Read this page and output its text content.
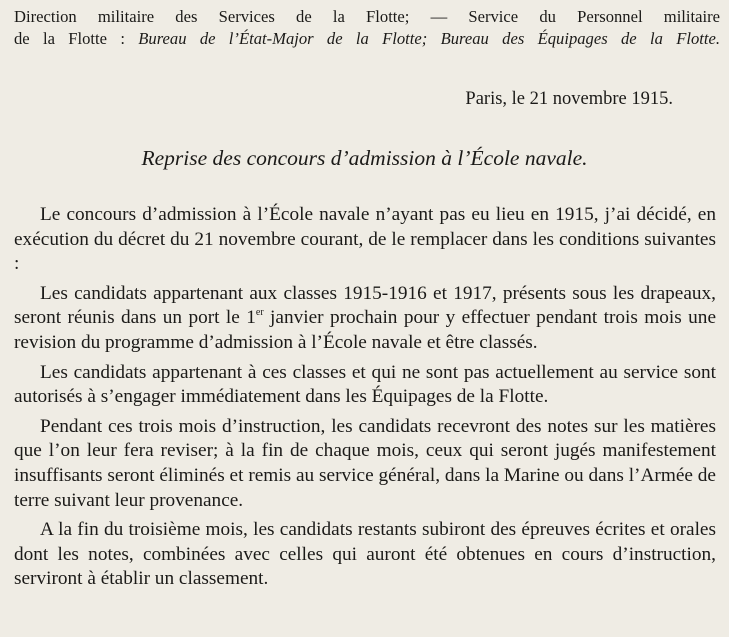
Direction militaire des Services de la Flotte; — Service du Personnel militaire
de la Flotte : Bureau de l’État-Major de la Flotte; Bureau des Équipages de la Flotte.
Paris, le 21 novembre 1915.
Reprise des concours d’admission à l’École navale.

Le concours d’admission à l’École navale n’ayant pas eu lieu en 1915, j’ai décidé, en exécution du décret du 21 novembre courant, de le remplacer dans les conditions suivantes :

Les candidats appartenant aux classes 1915-1916 et 1917, présents sous les drapeaux, seront réunis dans un port le 1er janvier prochain pour y effectuer pendant trois mois une revision du programme d’admission à l’École navale et être classés.

Les candidats appartenant à ces classes et qui ne sont pas actuellement au service sont autorisés à s’engager immédiatement dans les Équipages de la Flotte.

Pendant ces trois mois d’instruction, les candidats recevront des notes sur les matières que l’on leur fera reviser; à la fin de chaque mois, ceux qui seront jugés manifestement insuffisants seront éliminés et remis au service général, dans la Marine ou dans l’Armée de terre suivant leur provenance.

A la fin du troisième mois, les candidats restants subiront des épreuves écrites et orales dont les notes, combinées avec celles qui auront été obtenues en cours d’instruction, serviront à établir un classement.
